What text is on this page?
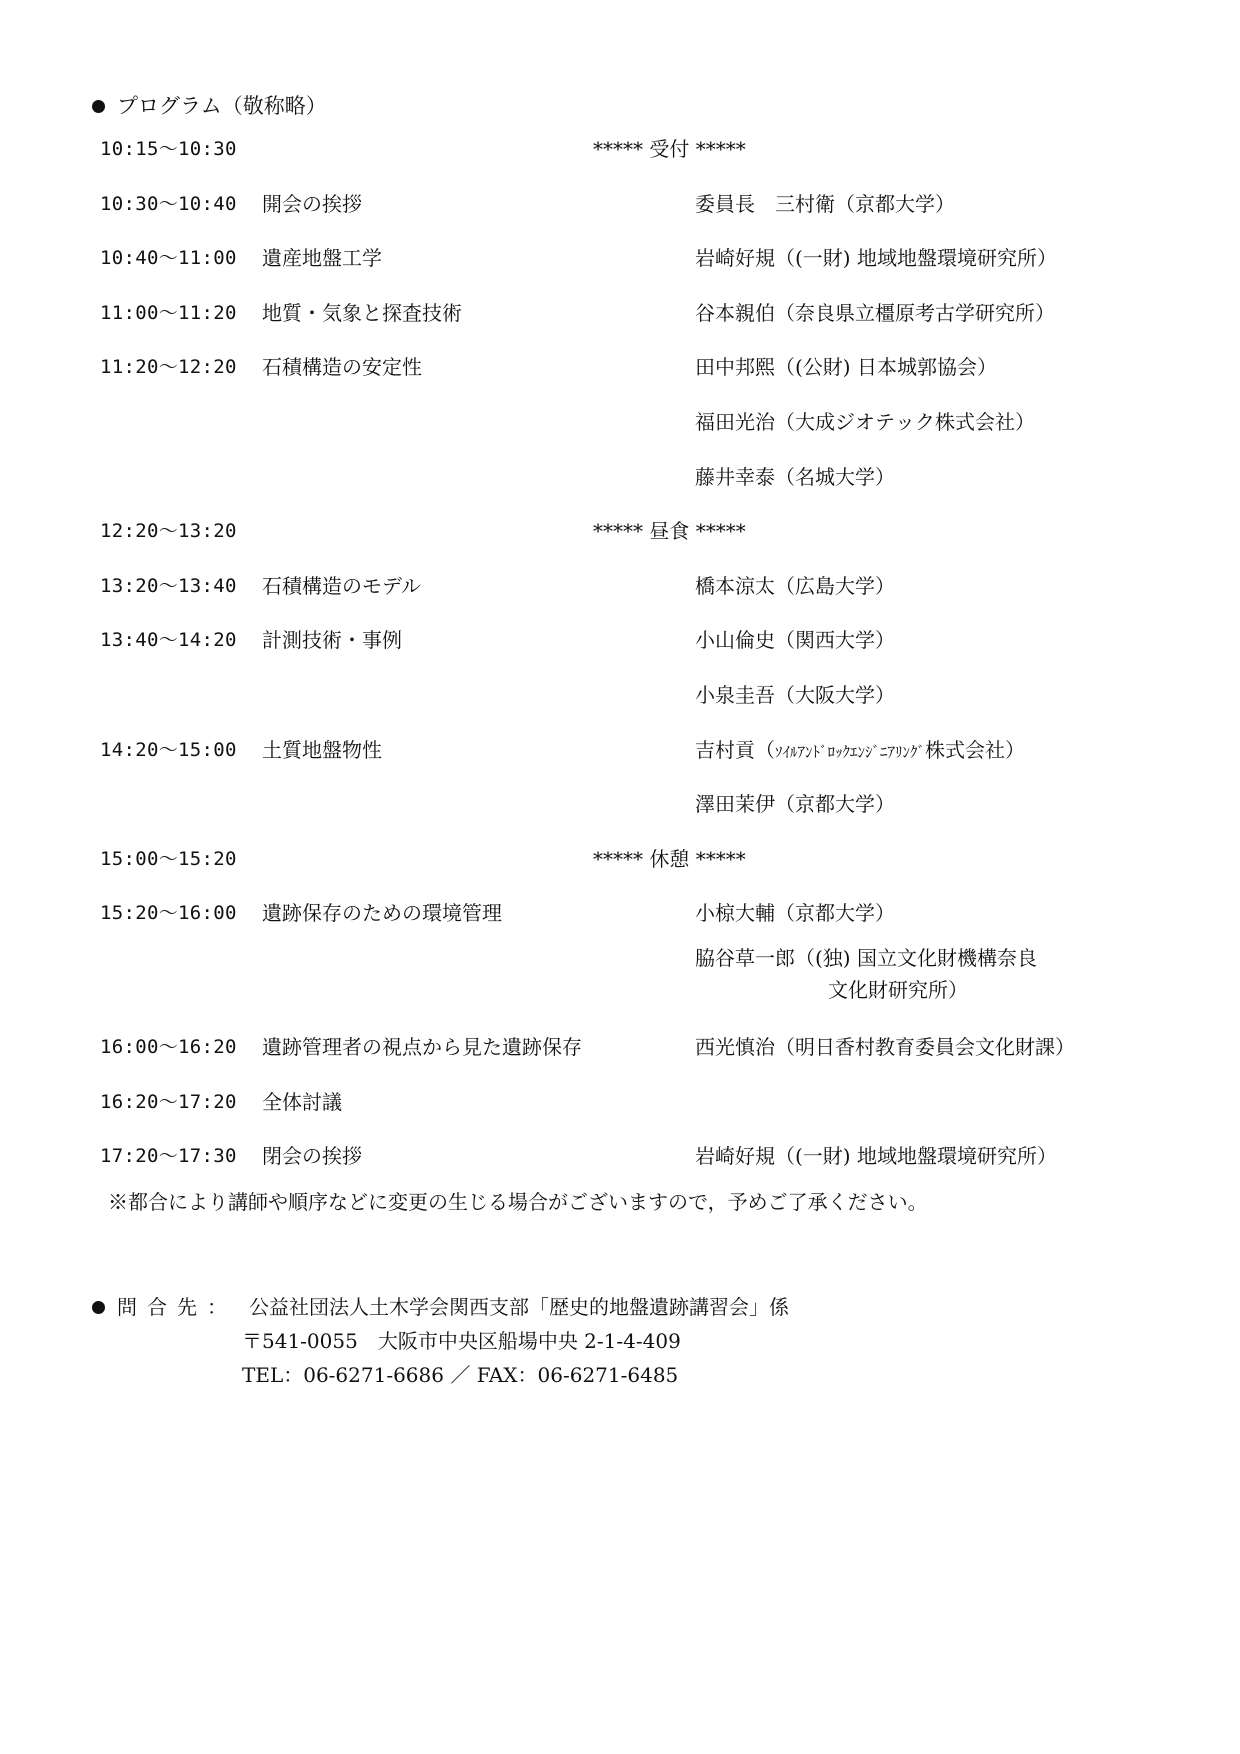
プログラム（敬称略）
10:15～10:30	***** 受付 *****
10:30～10:40 開会の挨拶	委員長　三村衛（京都大学）
10:40～11:00 遺産地盤工学	岩崎好規（(一財) 地域地盤環境研究所）
11:00～11:20 地質・気象と探査技術	谷本親伯（奈良県立橿原考古学研究所）
11:20～12:20 石積構造の安定性	田中邦熙（(公財) 日本城郭協会）
福田光治（大成ジオテック株式会社）
藤井幸泰（名城大学）
12:20～13:20	***** 昼食 *****
13:20～13:40 石積構造のモデル	橋本涼太（広島大学）
13:40～14:20 計測技術・事例	小山倫史（関西大学）
小泉圭吾（大阪大学）
14:20～15:00 土質地盤物性	吉村貢（ｿｲﾙｱﾝﾄﾞﾛｯｸｴﾝｼﾞﾆｱﾘﾝｸﾞ株式会社）
澤田茉伊（京都大学）
15:00～15:20	***** 休憩 *****
15:20～16:00 遺跡保存のための環境管理	小椋大輔（京都大学）
脇谷草一郎（(独) 国立文化財機構奈良
文化財研究所）
16:00～16:20 遺跡管理者の視点から見た遺跡保存	西光慎治（明日香村教育委員会文化財課）
16:20～17:20 全体討議
17:20～17:30 閉会の挨拶	岩崎好規（(一財) 地域地盤環境研究所）
※都合により講師や順序などに変更の生じる場合がございますので，予めご了承ください。
問合先： 公益社団法人土木学会関西支部「歴史的地盤遺跡講習会」係
〒541-0055　大阪市中央区船場中央 2-1-4-409
TEL：06-6271-6686 ／ FAX：06-6271-6485
